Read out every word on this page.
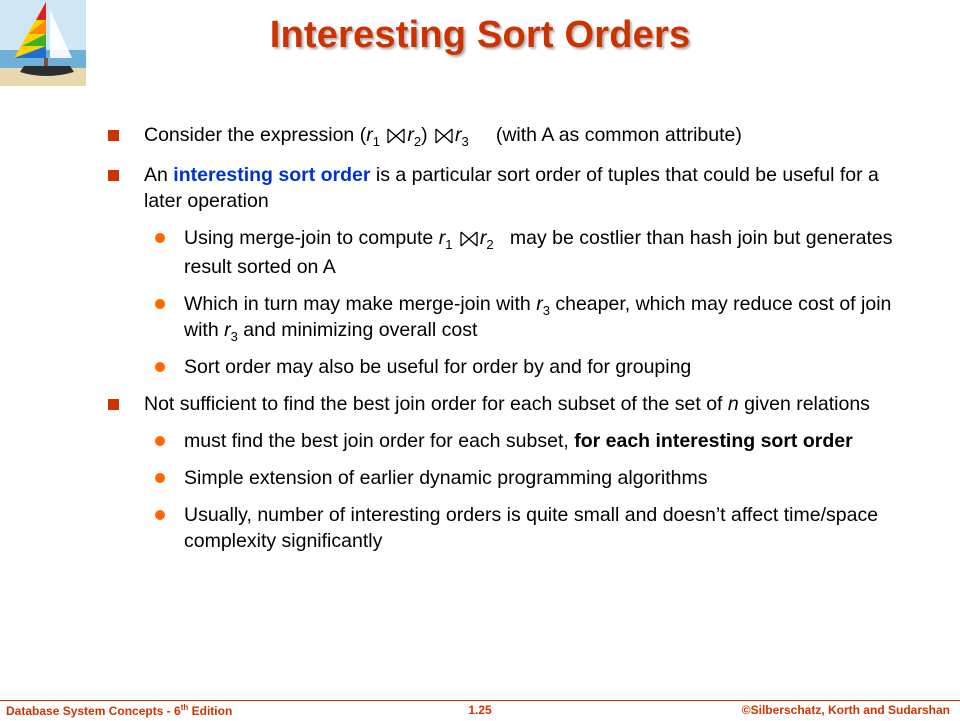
Interesting Sort Orders
Consider the expression ($r_1$ $r_2$) $r_3$ (with A as common attribute)
An interesting sort order is a particular sort order of tuples that could be useful for a later operation
Using merge-join to compute $r_1$ $r_2$ may be costlier than hash join but generates result sorted on A
Which in turn may make merge-join with $r_3$ cheaper, which may reduce cost of join with $r_3$ and minimizing overall cost
Sort order may also be useful for order by and for grouping
Not sufficient to find the best join order for each subset of the set of n given relations
must find the best join order for each subset, for each interesting sort order
Simple extension of earlier dynamic programming algorithms
Usually, number of interesting orders is quite small and doesn’t affect time/space complexity significantly
Database System Concepts - 6th Edition	1.25	©Silberschatz, Korth and Sudarshan
